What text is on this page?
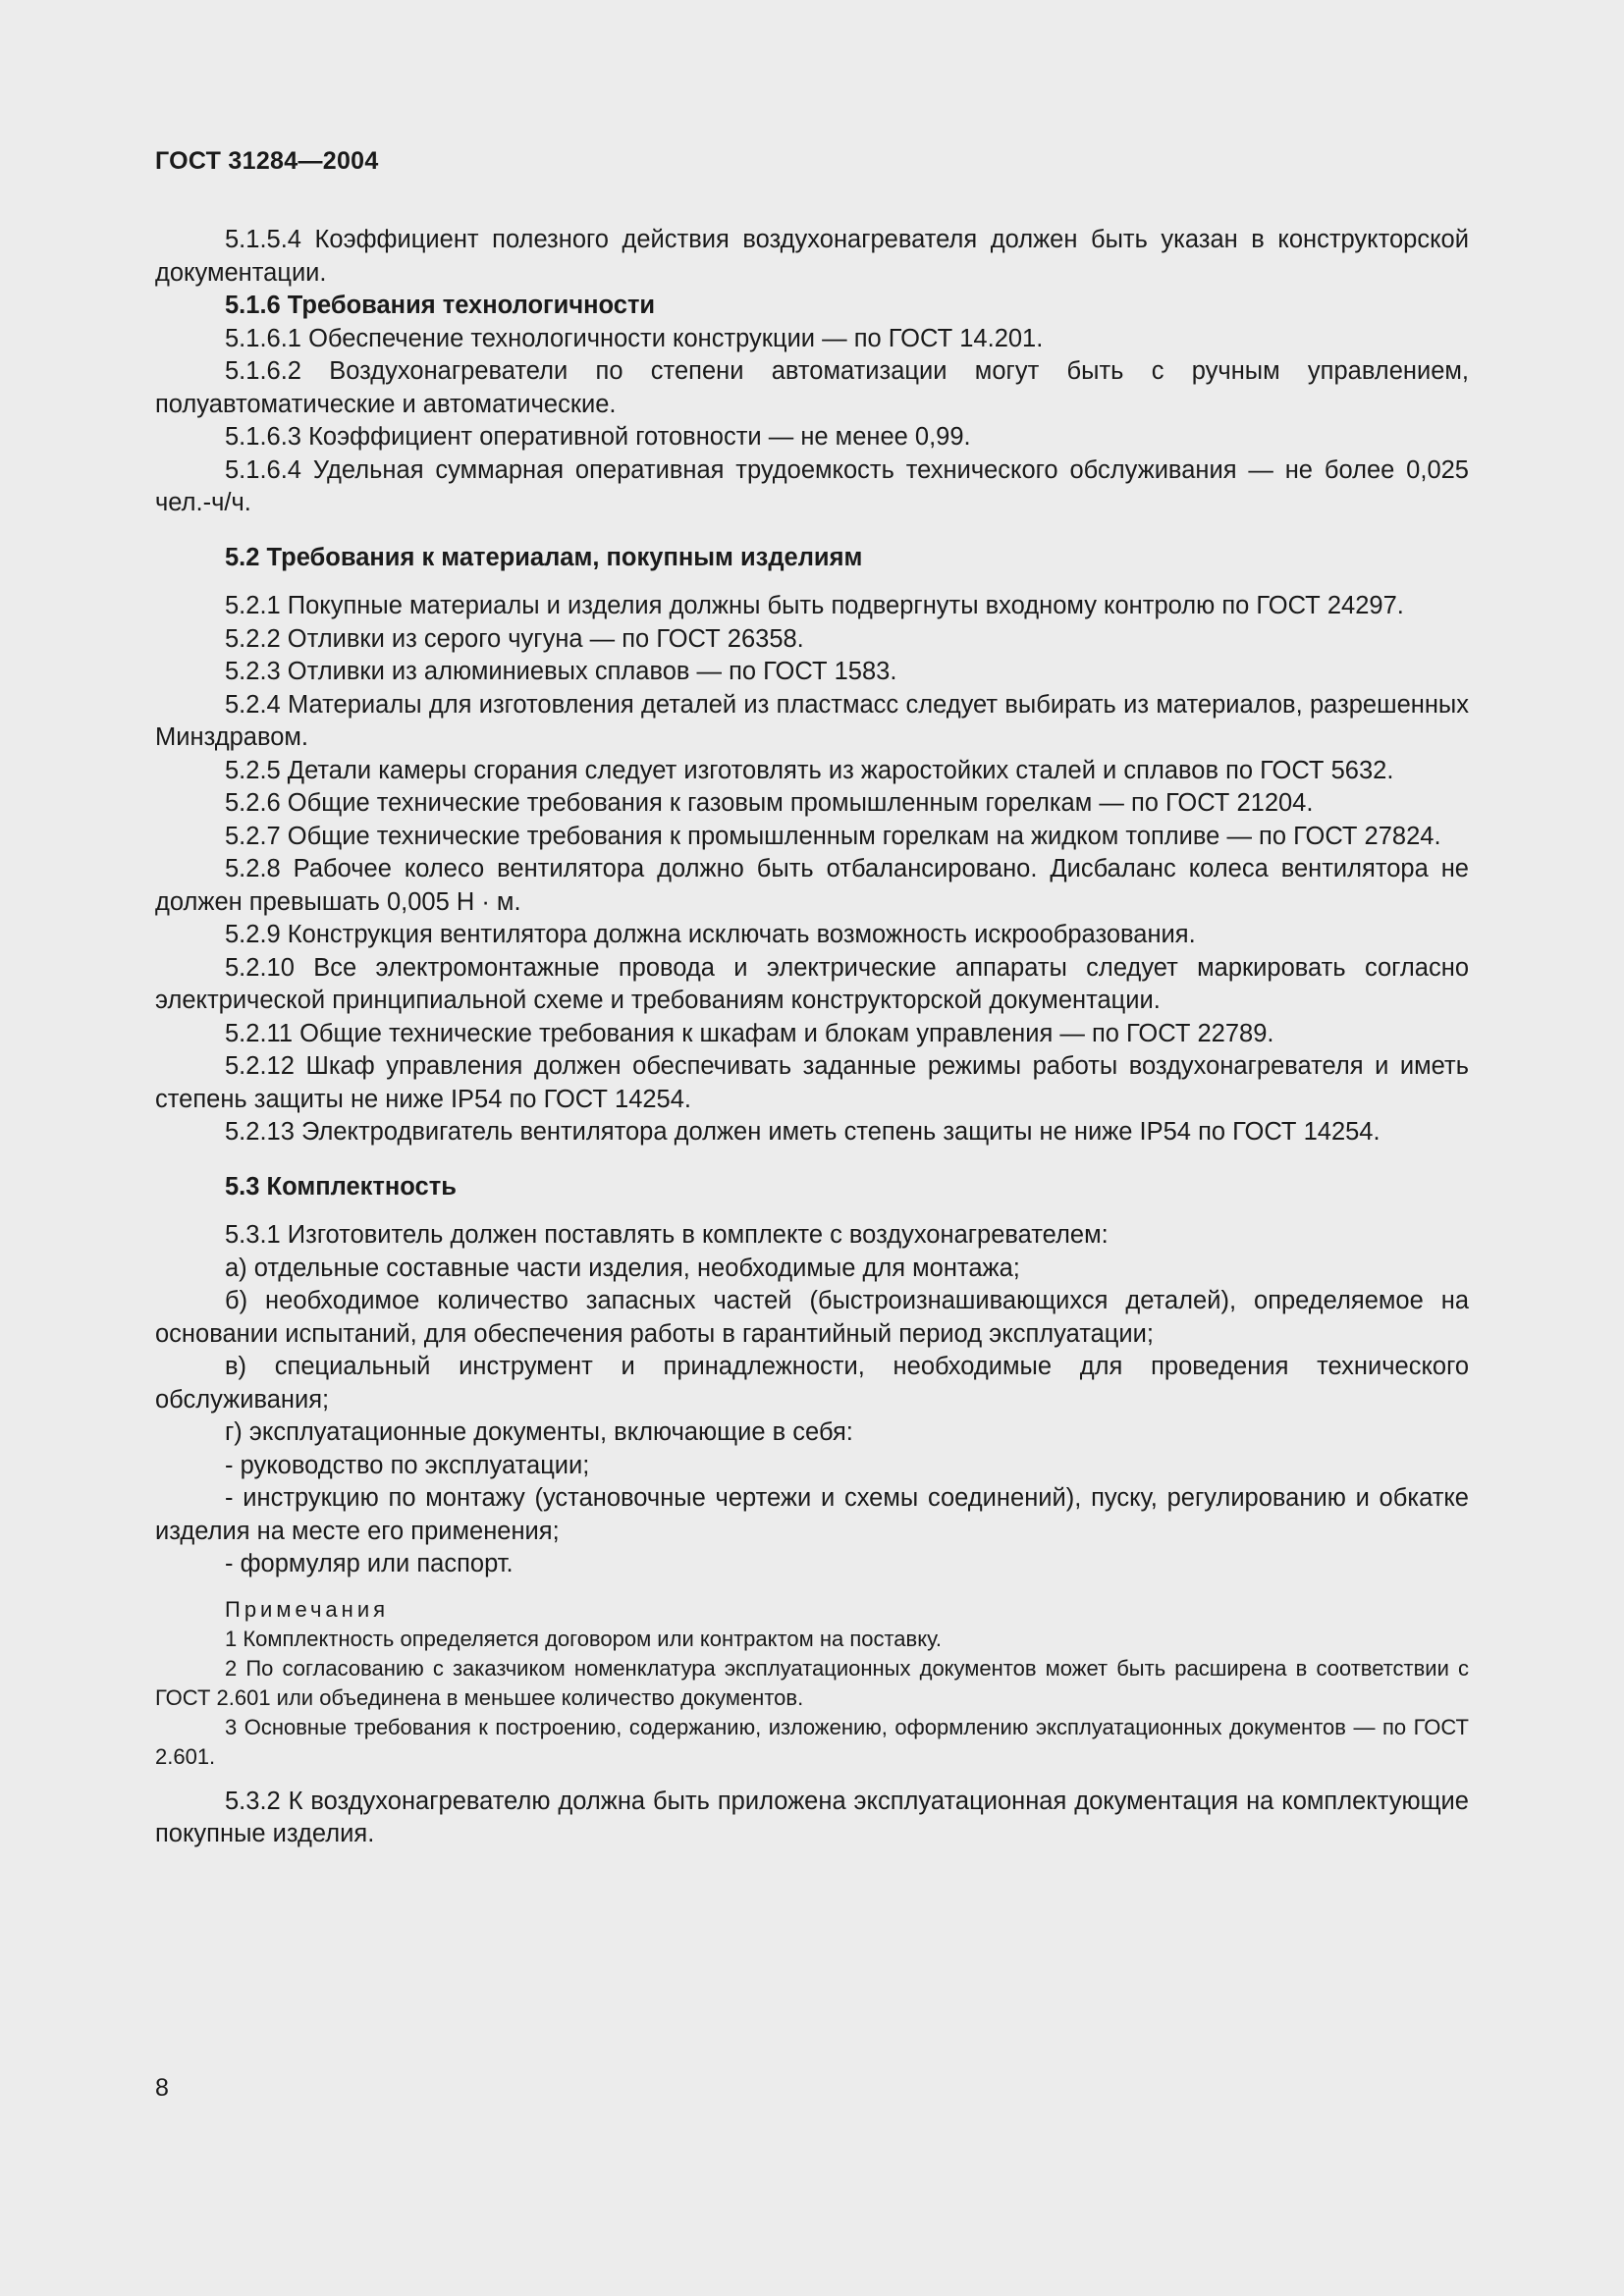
ГОСТ 31284—2004

5.1.5.4 Коэффициент полезного действия воздухонагревателя должен быть указан в конструкторской документации.

5.1.6 Требования технологичности

5.1.6.1 Обеспечение технологичности конструкции — по ГОСТ 14.201.

5.1.6.2 Воздухонагреватели по степени автоматизации могут быть с ручным управлением, полуавтоматические и автоматические.

5.1.6.3 Коэффициент оперативной готовности — не менее 0,99.

5.1.6.4 Удельная суммарная оперативная трудоемкость технического обслуживания — не более 0,025 чел.-ч/ч.

5.2 Требования к материалам, покупным изделиям

5.2.1 Покупные материалы и изделия должны быть подвергнуты входному контролю по ГОСТ 24297.

5.2.2 Отливки из серого чугуна — по ГОСТ 26358.

5.2.3 Отливки из алюминиевых сплавов — по ГОСТ 1583.

5.2.4 Материалы для изготовления деталей из пластмасс следует выбирать из материалов, разрешенных Минздравом.

5.2.5 Детали камеры сгорания следует изготовлять из жаростойких сталей и сплавов по ГОСТ 5632.

5.2.6 Общие технические требования к газовым промышленным горелкам — по ГОСТ 21204.

5.2.7 Общие технические требования к промышленным горелкам на жидком топливе — по ГОСТ 27824.

5.2.8 Рабочее колесо вентилятора должно быть отбалансировано. Дисбаланс колеса вентилятора не должен превышать 0,005 Н · м.

5.2.9 Конструкция вентилятора должна исключать возможность искрообразования.

5.2.10 Все электромонтажные провода и электрические аппараты следует маркировать согласно электрической принципиальной схеме и требованиям конструкторской документации.

5.2.11 Общие технические требования к шкафам и блокам управления — по ГОСТ 22789.

5.2.12 Шкаф управления должен обеспечивать заданные режимы работы воздухонагревателя и иметь степень защиты не ниже IP54 по ГОСТ 14254.

5.2.13 Электродвигатель вентилятора должен иметь степень защиты не ниже IP54 по ГОСТ 14254.

5.3 Комплектность

5.3.1 Изготовитель должен поставлять в комплекте с воздухонагревателем:

а) отдельные составные части изделия, необходимые для монтажа;

б) необходимое количество запасных частей (быстроизнашивающихся деталей), определяемое на основании испытаний, для обеспечения работы в гарантийный период эксплуатации;

в) специальный инструмент и принадлежности, необходимые для проведения технического обслуживания;

г) эксплуатационные документы, включающие в себя:

- руководство по эксплуатации;

- инструкцию по монтажу (установочные чертежи и схемы соединений), пуску, регулированию и обкатке изделия на месте его применения;

- формуляр или паспорт.

Примечания

1 Комплектность определяется договором или контрактом на поставку.

2 По согласованию с заказчиком номенклатура эксплуатационных документов может быть расширена в соответствии с ГОСТ 2.601 или объединена в меньшее количество документов.

3 Основные требования к построению, содержанию, изложению, оформлению эксплуатационных документов — по ГОСТ 2.601.

5.3.2 К воздухонагревателю должна быть приложена эксплуатационная документация на комплектующие покупные изделия.

8
